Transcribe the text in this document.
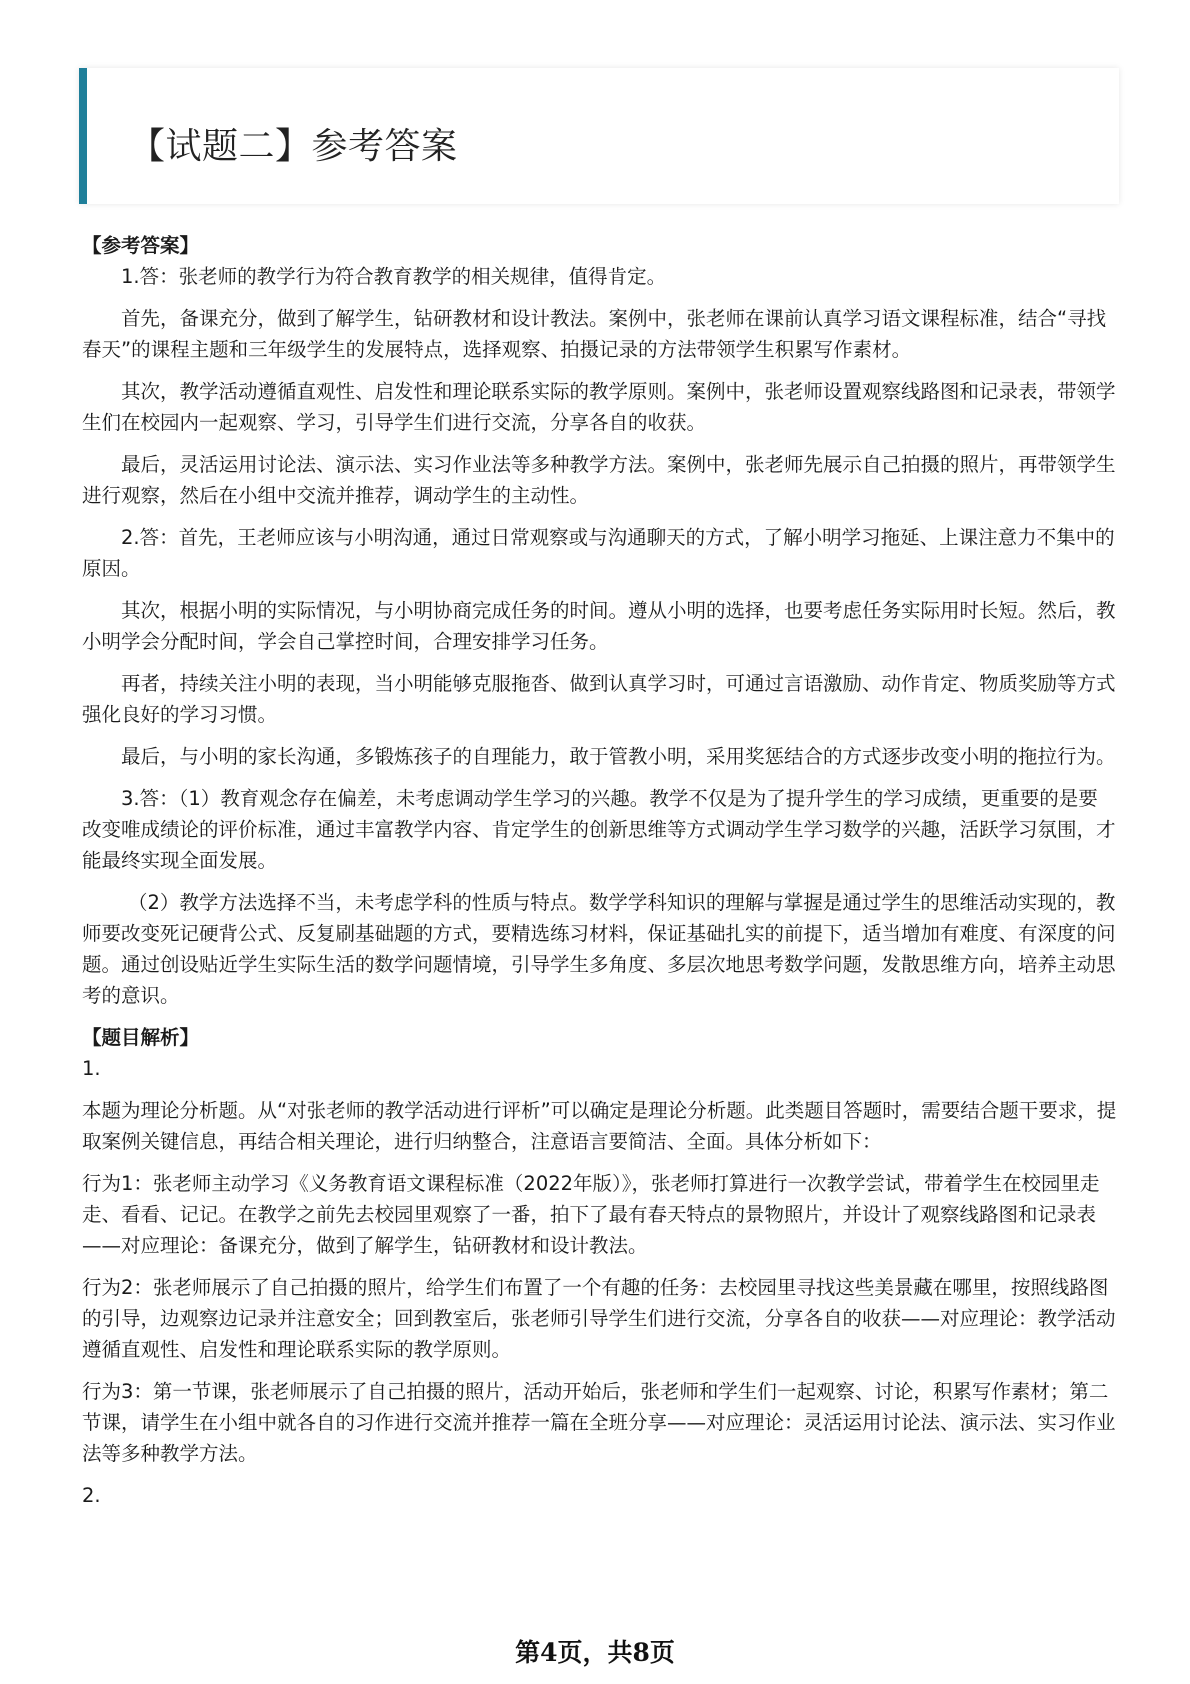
【试题二】参考答案

【参考答案】

1.答：张老师的教学行为符合教育教学的相关规律，值得肯定。

首先，备课充分，做到了解学生，钻研教材和设计教法。案例中，张老师在课前认真学习语文课程标准，结合“寻找春天”的课程主题和三年级学生的发展特点，选择观察、拍摄记录的方法带领学生积累写作素材。

其次，教学活动遵循直观性、启发性和理论联系实际的教学原则。案例中，张老师设置观察线路图和记录表，带领学生们在校园内一起观察、学习，引导学生们进行交流，分享各自的收获。

最后，灵活运用讨论法、演示法、实习作业法等多种教学方法。案例中，张老师先展示自己拍摄的照片，再带领学生进行观察，然后在小组中交流并推荐，调动学生的主动性。

2.答：首先，王老师应该与小明沟通，通过日常观察或与沟通聊天的方式，了解小明学习拖延、上课注意力不集中的原因。

其次，根据小明的实际情况，与小明协商完成任务的时间。遵从小明的选择，也要考虑任务实际用时长短。然后，教小明学会分配时间，学会自己掌控时间，合理安排学习任务。

再者，持续关注小明的表现，当小明能够克服拖沓、做到认真学习时，可通过言语激励、动作肯定、物质奖励等方式强化良好的学习习惯。

最后，与小明的家长沟通，多锻炼孩子的自理能力，敢于管教小明，采用奖惩结合的方式逐步改变小明的拖拉行为。

3.答：（1）教育观念存在偏差，未考虑调动学生学习的兴趣。教学不仅是为了提升学生的学习成绩，更重要的是要改变唯成绩论的评价标准，通过丰富教学内容、肯定学生的创新思维等方式调动学生学习数学的兴趣，活跃学习氛围，才能最终实现全面发展。

（2）教学方法选择不当，未考虑学科的性质与特点。数学学科知识的理解与掌握是通过学生的思维活动实现的，教师要改变死记硬背公式、反复刷基础题的方式，要精选练习材料，保证基础扎实的前提下，适当增加有难度、有深度的问题。通过创设贴近学生实际生活的数学问题情境，引导学生多角度、多层次地思考数学问题，发散思维方向，培养主动思考的意识。

【题目解析】

1.

本题为理论分析题。从“对张老师的教学活动进行评析”可以确定是理论分析题。此类题目答题时，需要结合题干要求，提取案例关键信息，再结合相关理论，进行归纳整合，注意语言要简洁、全面。具体分析如下：

行为1：张老师主动学习《义务教育语文课程标准（2022年版）》，张老师打算进行一次教学尝试，带着学生在校园里走走、看看、记记。在教学之前先去校园里观察了一番，拍下了最有春天特点的景物照片，并设计了观察线路图和记录表——对应理论：备课充分，做到了解学生，钻研教材和设计教法。

行为2：张老师展示了自己拍摄的照片，给学生们布置了一个有趣的任务：去校园里寻找这些美景藏在哪里，按照线路图的引导，边观察边记录并注意安全；回到教室后，张老师引导学生们进行交流，分享各自的收获——对应理论：教学活动遵循直观性、启发性和理论联系实际的教学原则。

行为3：第一节课，张老师展示了自己拍摄的照片，活动开始后，张老师和学生们一起观察、讨论，积累写作素材；第二节课，请学生在小组中就各自的习作进行交流并推荐一篇在全班分享——对应理论：灵活运用讨论法、演示法、实习作业法等多种教学方法。

2.

第4页，共8页
